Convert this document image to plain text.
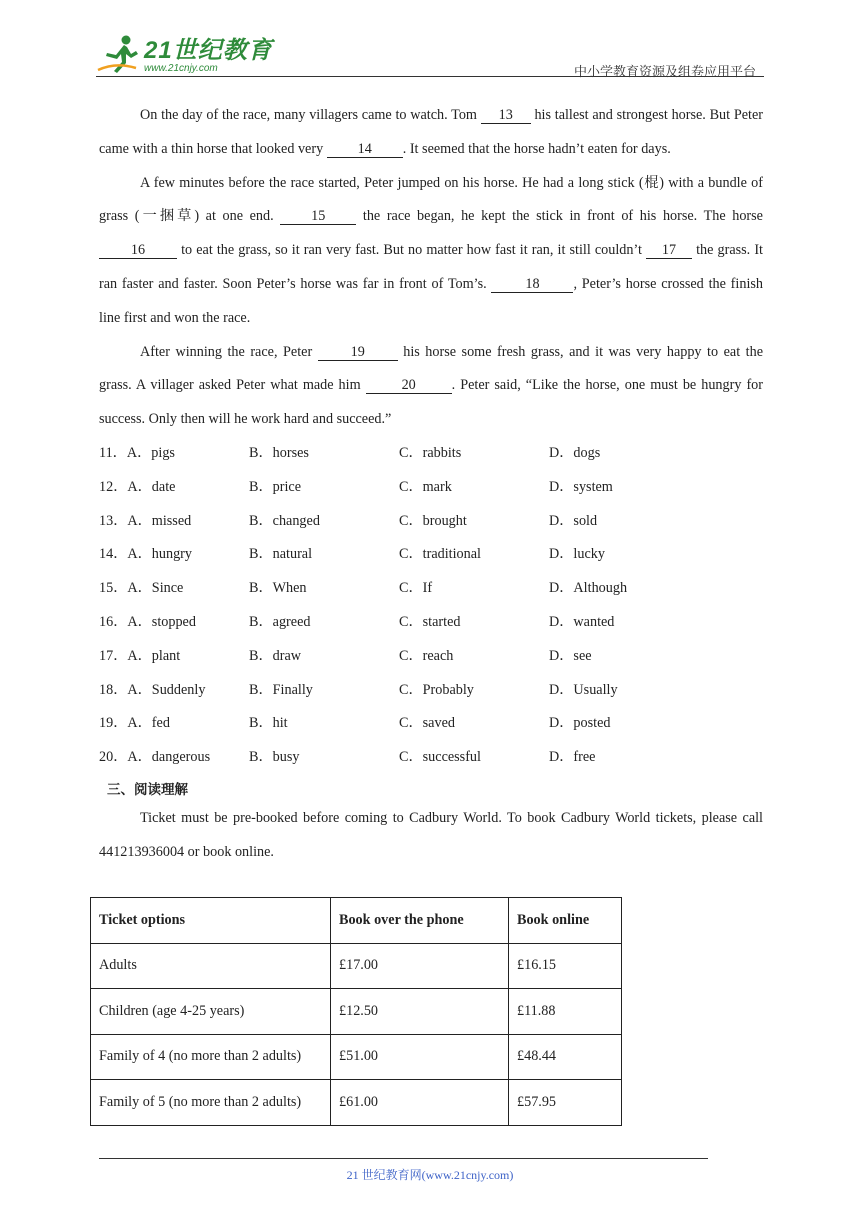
21世纪教育
www.21cnjy.com	中小学教育资源及组卷应用平台

On the day of the race, many villagers came to watch. Tom 13 his tallest and strongest horse. But Peter came with a thin horse that looked very 14 . It seemed that the horse hadn’t eaten for days.

A few minutes before the race started, Peter jumped on his horse. He had a long stick (棍) with a bundle of grass (一捆草) at one end. 15 the race began, he kept the stick in front of his horse. The horse 16 to eat the grass, so it ran very fast. But no matter how fast it ran, it still couldn’t 17 the grass. It ran faster and faster. Soon Peter’s horse was far in front of Tom’s. 18 , Peter’s horse crossed the finish line first and won the race.

After winning the race, Peter 19 his horse some fresh grass, and it was very happy to eat the grass. A villager asked Peter what made him	20	. Peter said, “Like the horse, one must be hungry for success. Only then will he work hard and succeed.”

11．A．pigs	B．horses	C．rabbits	D．dogs
12．A．date	B．price	C．mark	D．system
13．A．missed	B．changed	C．brought	D．sold
14．A．hungry	B．natural	C．traditional	D．lucky
15．A．Since	B．When	C．If	D．Although
16．A．stopped	B．agreed	C．started	D．wanted
17．A．plant	B．draw	C．reach	D．see
18．A．Suddenly	B．Finally	C．Probably	D．Usually
19．A．fed	B．hit	C．saved	D．posted
20．A．dangerous	B．busy	C．successful	D．free
三、阅读理解

Ticket must be pre-booked before coming to Cadbury World. To book Cadbury World tickets, please call 441213936004 or book online.

Ticket options	Book over the phone	Book online
Adults	£17.00	£16.15
Children (age 4-25 years)	£12.50	£11.88
Family of 4 (no more than 2 adults)	£51.00	£48.44
Family of 5 (no more than 2 adults)	£61.00	£57.95
21 世纪教育网(www.21cnjy.com)
